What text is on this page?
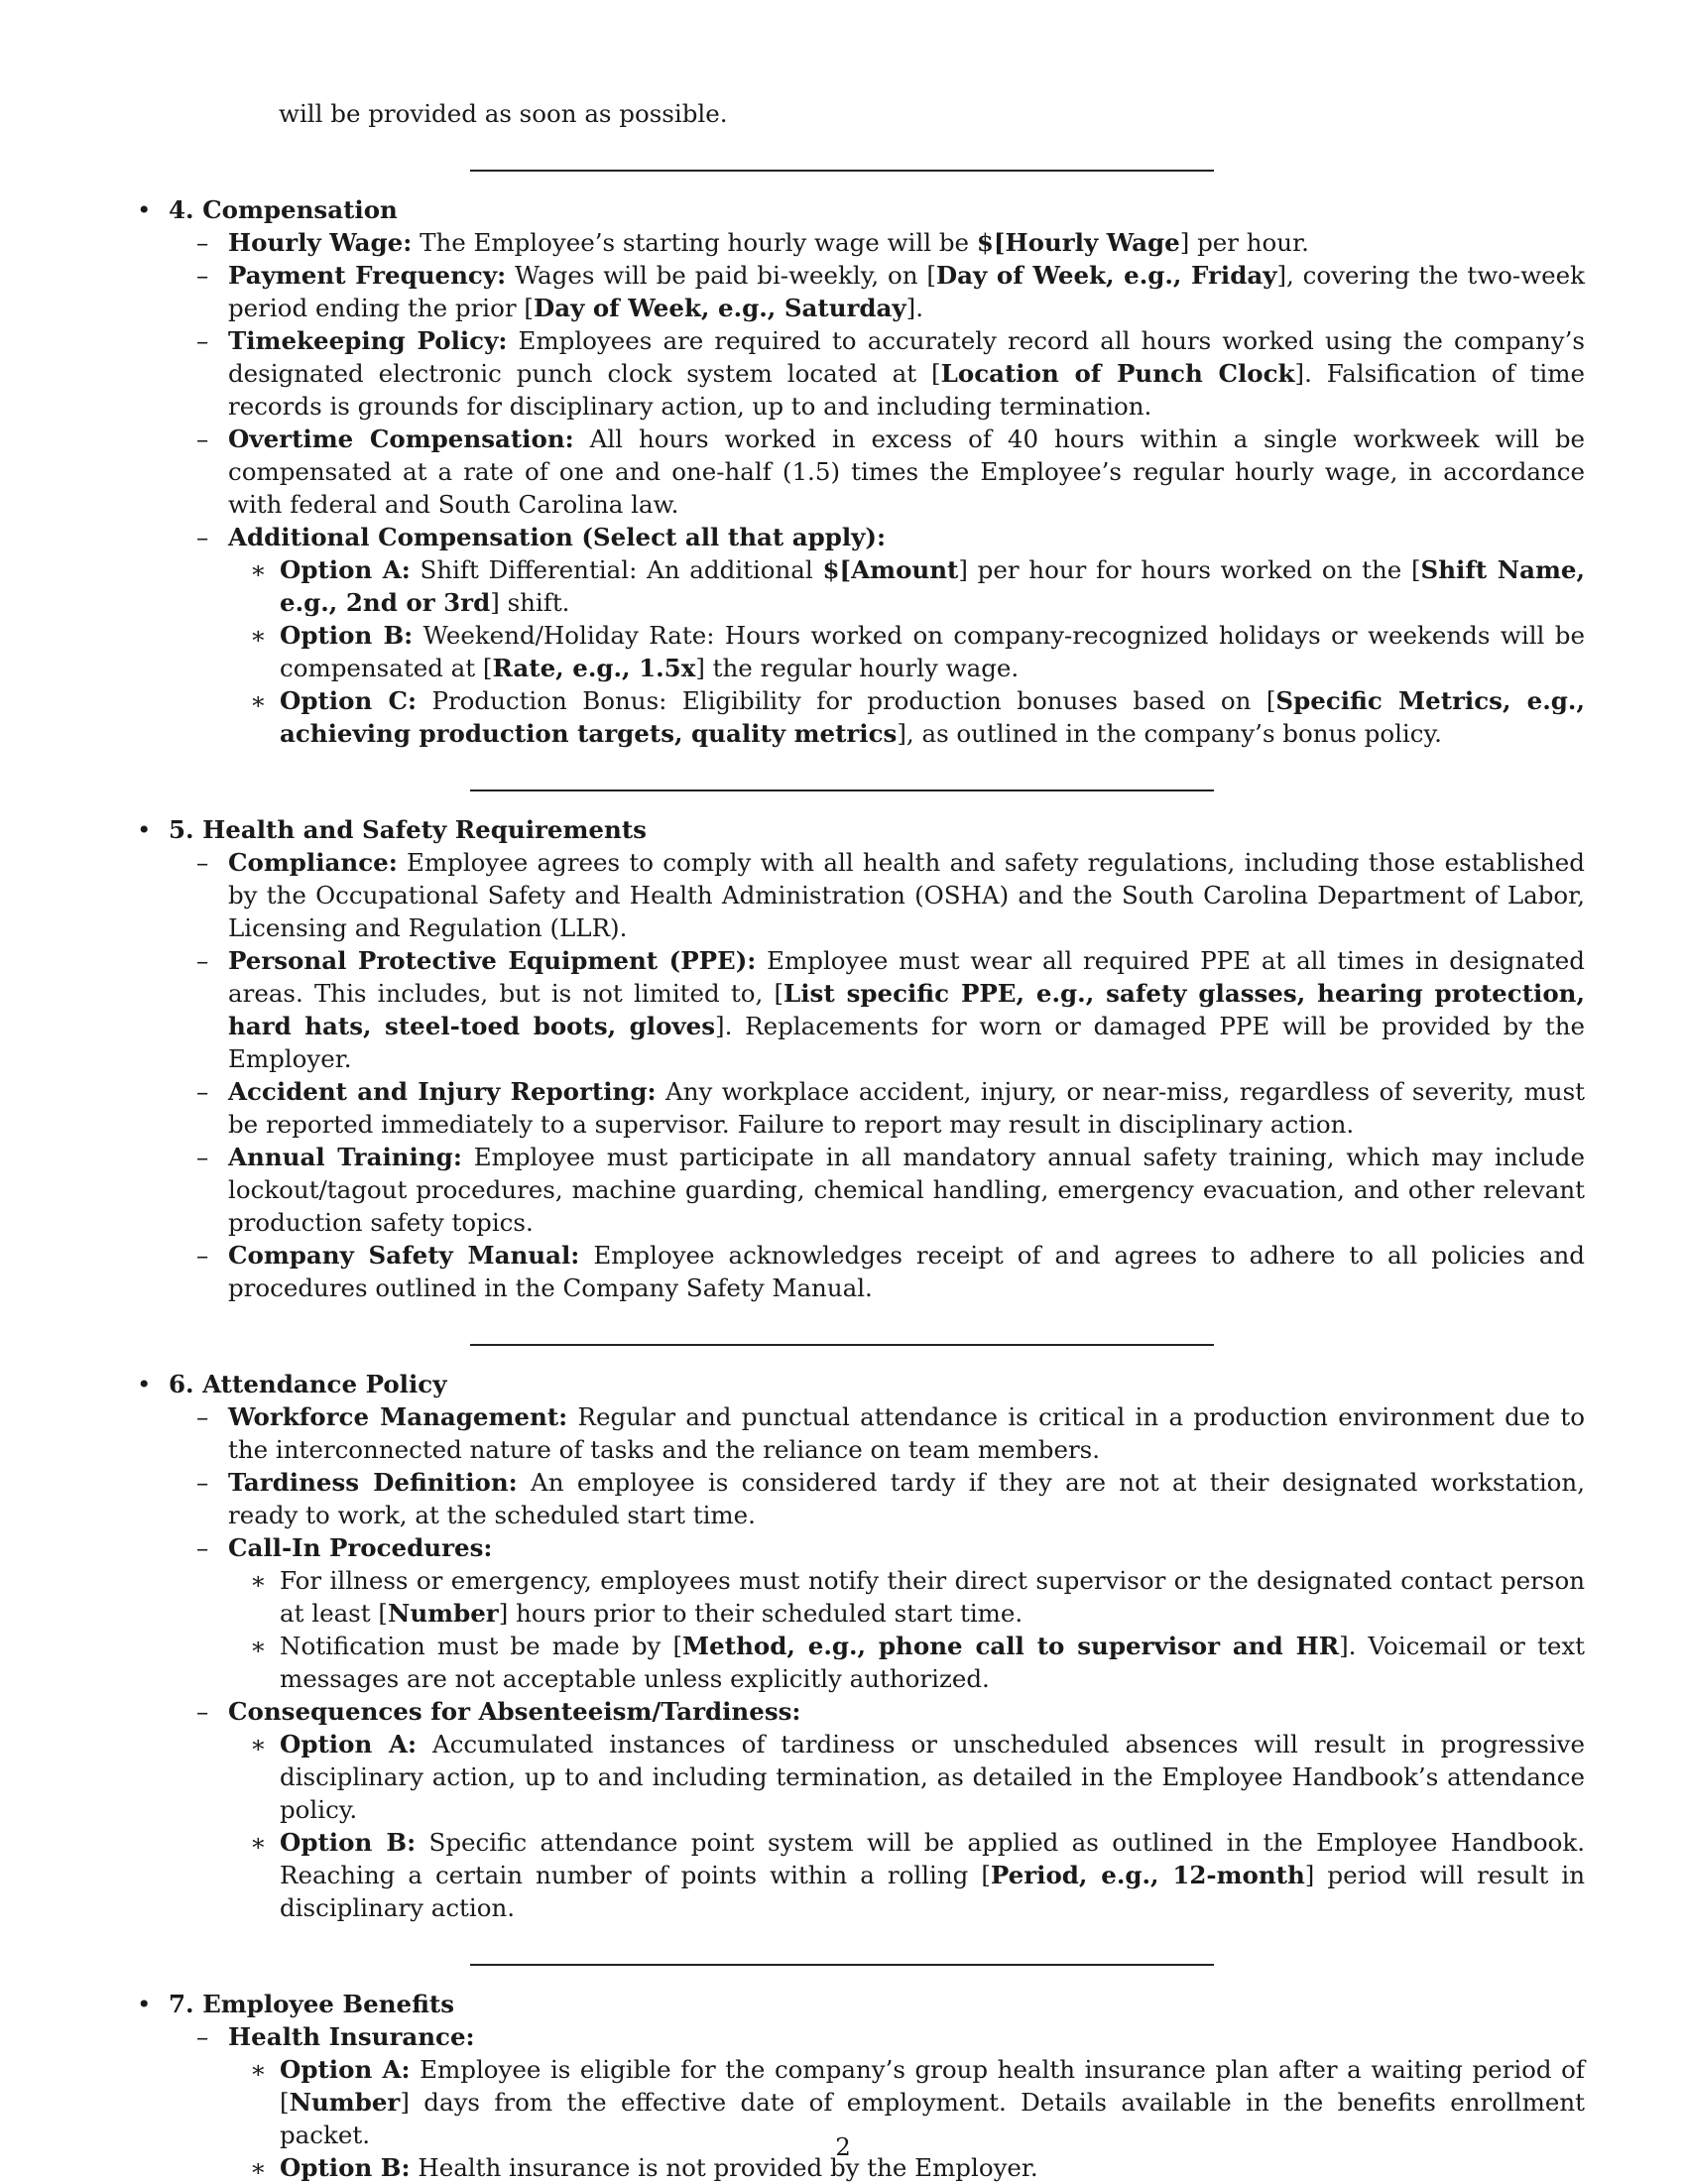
will be provided as soon as possible.
• 4. Compensation
– Hourly Wage: The Employee’s starting hourly wage will be $[Hourly Wage] per hour.
– Payment Frequency: Wages will be paid bi-weekly, on [Day of Week, e.g., Friday], covering the two-week period ending the prior [Day of Week, e.g., Saturday].
– Timekeeping Policy: Employees are required to accurately record all hours worked using the company’s designated electronic punch clock system located at [Location of Punch Clock]. Falsification of time records is grounds for disciplinary action, up to and including termination.
– Overtime Compensation: All hours worked in excess of 40 hours within a single workweek will be compensated at a rate of one and one-half (1.5) times the Employee’s regular hourly wage, in accordance with federal and South Carolina law.
– Additional Compensation (Select all that apply):
∗ Option A: Shift Differential: An additional $[Amount] per hour for hours worked on the [Shift Name, e.g., 2nd or 3rd] shift.
∗ Option B: Weekend/Holiday Rate: Hours worked on company-recognized holidays or weekends will be compensated at [Rate, e.g., 1.5x] the regular hourly wage.
∗ Option C: Production Bonus: Eligibility for production bonuses based on [Specific Metrics, e.g., achieving production targets, quality metrics], as outlined in the company’s bonus policy.
• 5. Health and Safety Requirements
– Compliance: Employee agrees to comply with all health and safety regulations, including those established by the Occupational Safety and Health Administration (OSHA) and the South Carolina Department of Labor, Licensing and Regulation (LLR).
– Personal Protective Equipment (PPE): Employee must wear all required PPE at all times in designated areas. This includes, but is not limited to, [List specific PPE, e.g., safety glasses, hearing protection, hard hats, steel-toed boots, gloves]. Replacements for worn or damaged PPE will be provided by the Employer.
– Accident and Injury Reporting: Any workplace accident, injury, or near-miss, regardless of severity, must be reported immediately to a supervisor. Failure to report may result in disciplinary action.
– Annual Training: Employee must participate in all mandatory annual safety training, which may include lockout/tagout procedures, machine guarding, chemical handling, emergency evacuation, and other relevant production safety topics.
– Company Safety Manual: Employee acknowledges receipt of and agrees to adhere to all policies and procedures outlined in the Company Safety Manual.
• 6. Attendance Policy
– Workforce Management: Regular and punctual attendance is critical in a production environment due to the interconnected nature of tasks and the reliance on team members.
– Tardiness Definition: An employee is considered tardy if they are not at their designated workstation, ready to work, at the scheduled start time.
– Call-In Procedures:
∗ For illness or emergency, employees must notify their direct supervisor or the designated contact person at least [Number] hours prior to their scheduled start time.
∗ Notification must be made by [Method, e.g., phone call to supervisor and HR]. Voicemail or text messages are not acceptable unless explicitly authorized.
– Consequences for Absenteeism/Tardiness:
∗ Option A: Accumulated instances of tardiness or unscheduled absences will result in progressive disciplinary action, up to and including termination, as detailed in the Employee Handbook’s attendance policy.
∗ Option B: Specific attendance point system will be applied as outlined in the Employee Handbook. Reaching a certain number of points within a rolling [Period, e.g., 12-month] period will result in disciplinary action.
• 7. Employee Benefits
– Health Insurance:
∗ Option A: Employee is eligible for the company’s group health insurance plan after a waiting period of [Number] days from the effective date of employment. Details available in the benefits enrollment packet.
∗ Option B: Health insurance is not provided by the Employer.
2
